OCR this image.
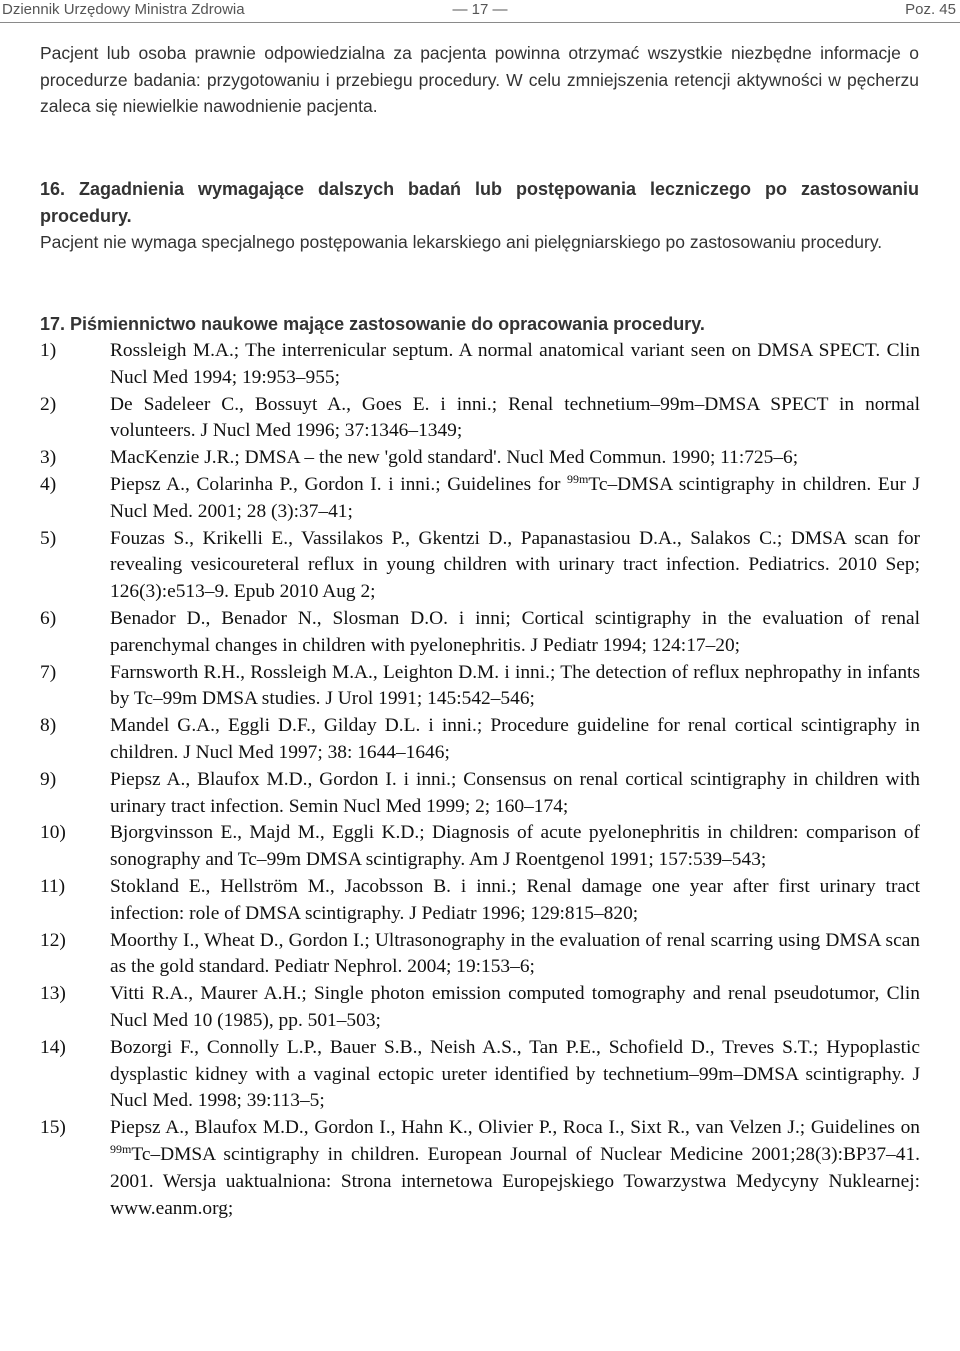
Dziennik Urzędowy Ministra Zdrowia	— 17 —	Poz. 45
Pacjent lub osoba prawnie odpowiedzialna za pacjenta powinna otrzymać wszystkie niezbędne informacje o procedurze badania: przygotowaniu i przebiegu procedury. W celu zmniejszenia retencji aktywności w pęcherzu zaleca się niewielkie nawodnienie pacjenta.
16. Zagadnienia wymagające dalszych badań lub postępowania leczniczego po zastosowaniu procedury.
Pacjent nie wymaga specjalnego postępowania lekarskiego ani pielęgniarskiego po zastosowaniu procedury.
17. Piśmiennictwo naukowe mające zastosowanie do opracowania procedury.
1)	Rossleigh M.A.; The interrenicular septum. A normal anatomical variant seen on DMSA SPECT. Clin Nucl Med 1994; 19:953–955;
2)	De Sadeleer C., Bossuyt A., Goes E. i inni.; Renal technetium–99m–DMSA SPECT in normal volunteers. J Nucl Med 1996; 37:1346–1349;
3)	MacKenzie J.R.; DMSA – the new 'gold standard'. Nucl Med Commun. 1990; 11:725–6;
4)	Piepsz A., Colarinha P., Gordon I. i inni.; Guidelines for $^{99m}$Tc–DMSA scintigraphy in children. Eur J Nucl Med. 2001; 28 (3):37–41;
5)	Fouzas S., Krikelli E., Vassilakos P., Gkentzi D., Papanastasiou D.A., Salakos C.; DMSA scan for revealing vesicoureteral reflux in young children with urinary tract infection. Pediatrics. 2010 Sep; 126(3):e513–9. Epub 2010 Aug 2;
6)	Benador D., Benador N., Slosman D.O. i inni; Cortical scintigraphy in the evaluation of renal parenchymal changes in children with pyelonephritis. J Pediatr 1994; 124:17–20;
7)	Farnsworth R.H., Rossleigh M.A., Leighton D.M. i inni.; The detection of reflux nephropathy in infants by Tc–99m DMSA studies. J Urol 1991; 145:542–546;
8)	Mandel G.A., Eggli D.F., Gilday D.L. i inni.; Procedure guideline for renal cortical scintigraphy in children. J Nucl Med 1997; 38: 1644–1646;
9)	Piepsz A., Blaufox M.D., Gordon I. i inni.; Consensus on renal cortical scintigraphy in children with urinary tract infection. Semin Nucl Med 1999; 2; 160–174;
10) Bjorgvinsson E., Majd M., Eggli K.D.; Diagnosis of acute pyelonephritis in children: comparison of sonography and Tc–99m DMSA scintigraphy. Am J Roentgenol 1991; 157:539–543;
11) Stokland E., Hellström M., Jacobsson B. i inni.; Renal damage one year after first urinary tract infection: role of DMSA scintigraphy. J Pediatr 1996; 129:815–820;
12) Moorthy I., Wheat D., Gordon I.; Ultrasonography in the evaluation of renal scarring using DMSA scan as the gold standard. Pediatr Nephrol. 2004; 19:153–6;
13) Vitti R.A., Maurer A.H.; Single photon emission computed tomography and renal pseudotumor, Clin Nucl Med 10 (1985), pp. 501–503;
14) Bozorgi F., Connolly L.P., Bauer S.B., Neish A.S., Tan P.E., Schofield D., Treves S.T.; Hypoplastic dysplastic kidney with a vaginal ectopic ureter identified by technetium–99m–DMSA scintigraphy. J Nucl Med. 1998; 39:113–5;
15) Piepsz A., Blaufox M.D., Gordon I., Hahn K., Olivier P., Roca I., Sixt R., van Velzen J.; Guidelines on $^{99m}$Tc–DMSA scintigraphy in children. European Journal of Nuclear Medicine 2001;28(3):BP37–41. 2001. Wersja uaktualniona: Strona internetowa Europejskiego Towarzystwa Medycyny Nuklearnej: www.eanm.org;
